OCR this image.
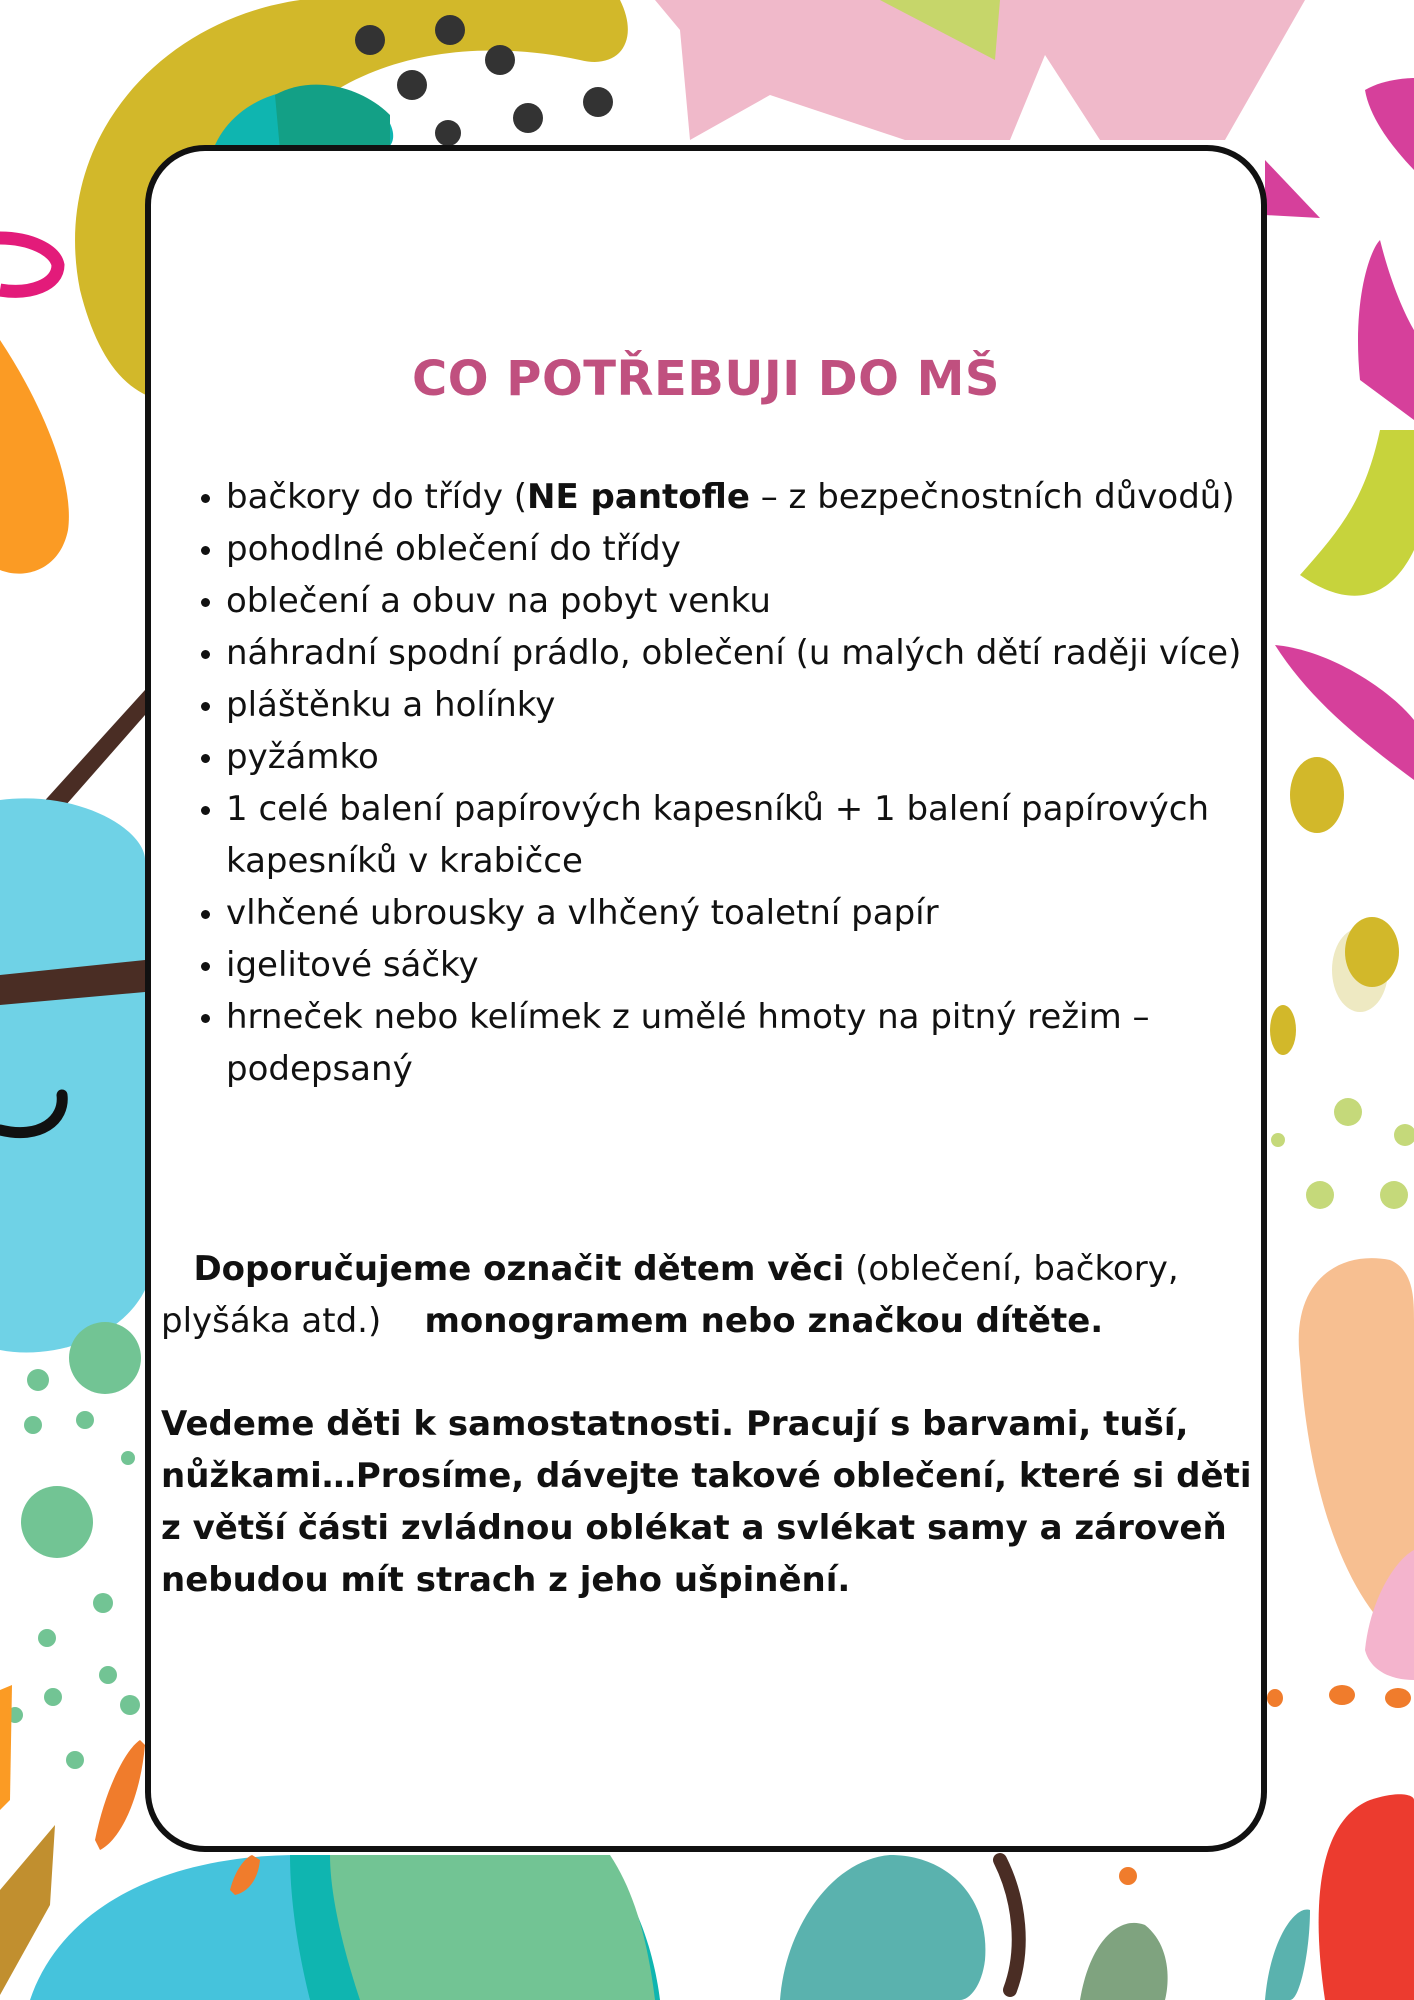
CO POTŘEBUJI DO MŠ
• bačkory do třídy (NE pantofle – z bezpečnostních důvodů)
• pohodlné oblečení do třídy
• oblečení a obuv na pobyt venku
• náhradní spodní prádlo, oblečení (u malých dětí raději více)
• pláštěnku a holínky
• pyžámko
• 1 celé balení papírových kapesníků + 1 balení papírových kapesníků v krabičce
• vlhčené ubrousky a vlhčený toaletní papír
• igelitové sáčky
• hrneček nebo kelímek z umělé hmoty na pitný režim – podepsaný

Doporučujeme označit dětem věci (oblečení, bačkory, plyšáka atd.) monogramem nebo značkou dítěte.

Vedeme děti k samostatnosti. Pracují s barvami, tuší, nůžkami…Prosíme, dávejte takové oblečení, které si děti z větší části zvládnou oblékat a svlékat samy a zároveň nebudou mít strach z jeho ušpinění.
